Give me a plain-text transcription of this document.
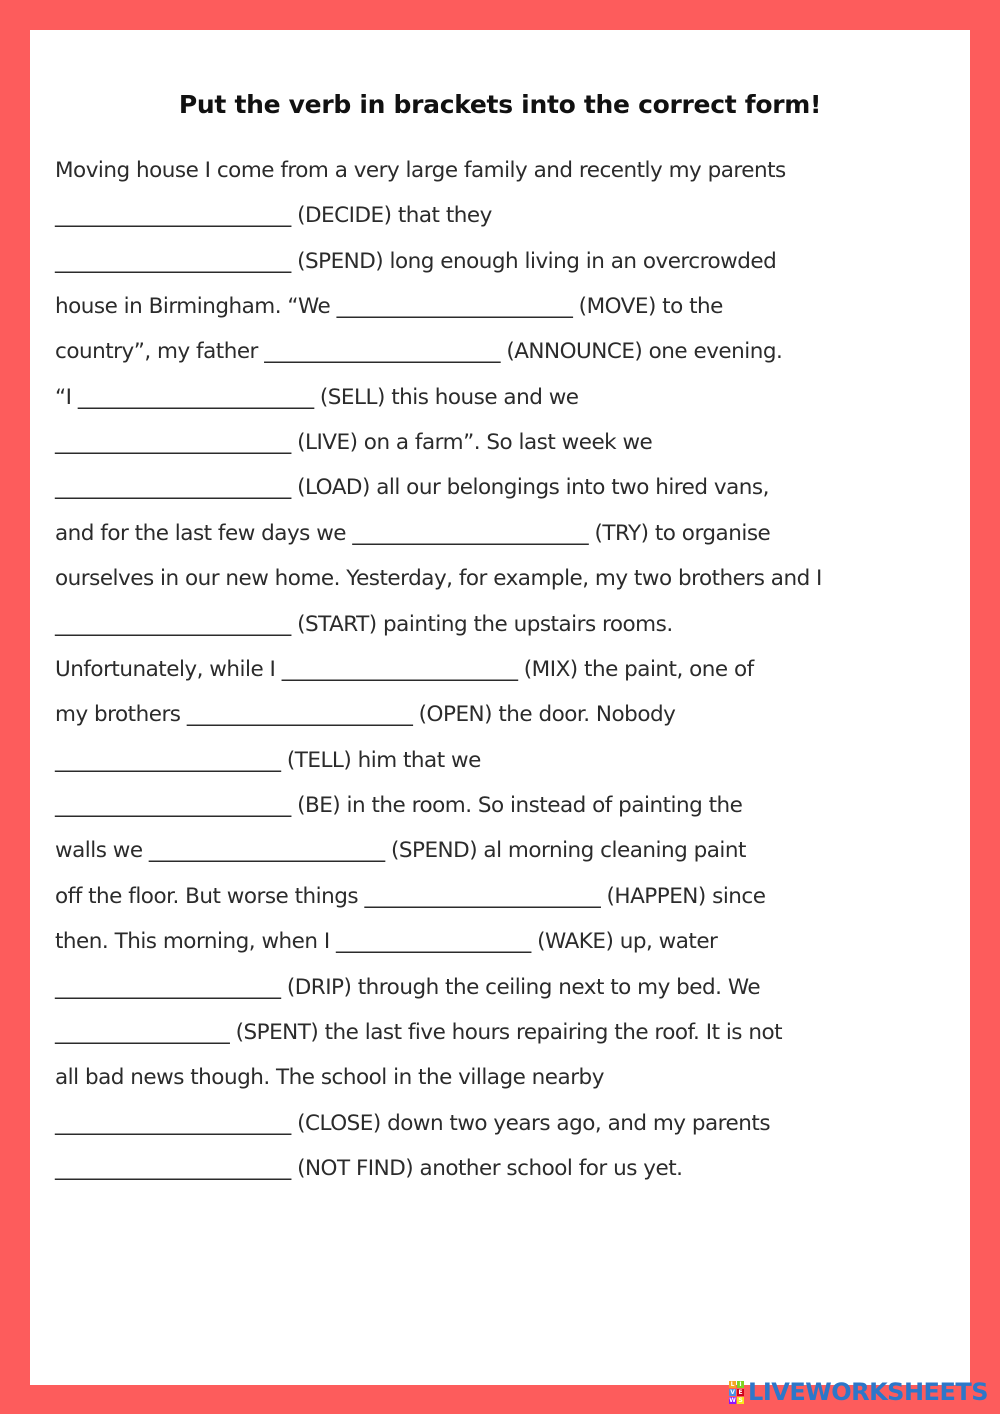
Put the verb in brackets into the correct form!
Moving house I come from a very large family and recently my parents
_______________________ (DECIDE) that they
_______________________ (SPEND) long enough living in an overcrowded
house in Birmingham. “We _______________________ (MOVE) to the
country”, my father _______________________ (ANNOUNCE) one evening.
“I _______________________ (SELL) this house and we
_______________________ (LIVE) on a farm”. So last week we
_______________________ (LOAD) all our belongings into two hired vans,
and for the last few days we _______________________ (TRY) to organise
ourselves in our new home. Yesterday, for example, my two brothers and I
_______________________ (START) painting the upstairs rooms.
Unfortunately, while I _______________________ (MIX) the paint, one of
my brothers ______________________ (OPEN) the door. Nobody
______________________ (TELL) him that we
_______________________ (BE) in the room. So instead of painting the
walls we _______________________ (SPEND) al morning cleaning paint
off the floor. But worse things _______________________ (HAPPEN) since
then. This morning, when I ___________________ (WAKE) up, water
______________________ (DRIP) through the ceiling next to my bed. We
_________________ (SPENT) the last five hours repairing the roof. It is not
all bad news though. The school in the village nearby
_______________________ (CLOSE) down two years ago, and my parents
_______________________ (NOT FIND) another school for us yet.
L I
V E
W S LIVEWORKSHEETS
